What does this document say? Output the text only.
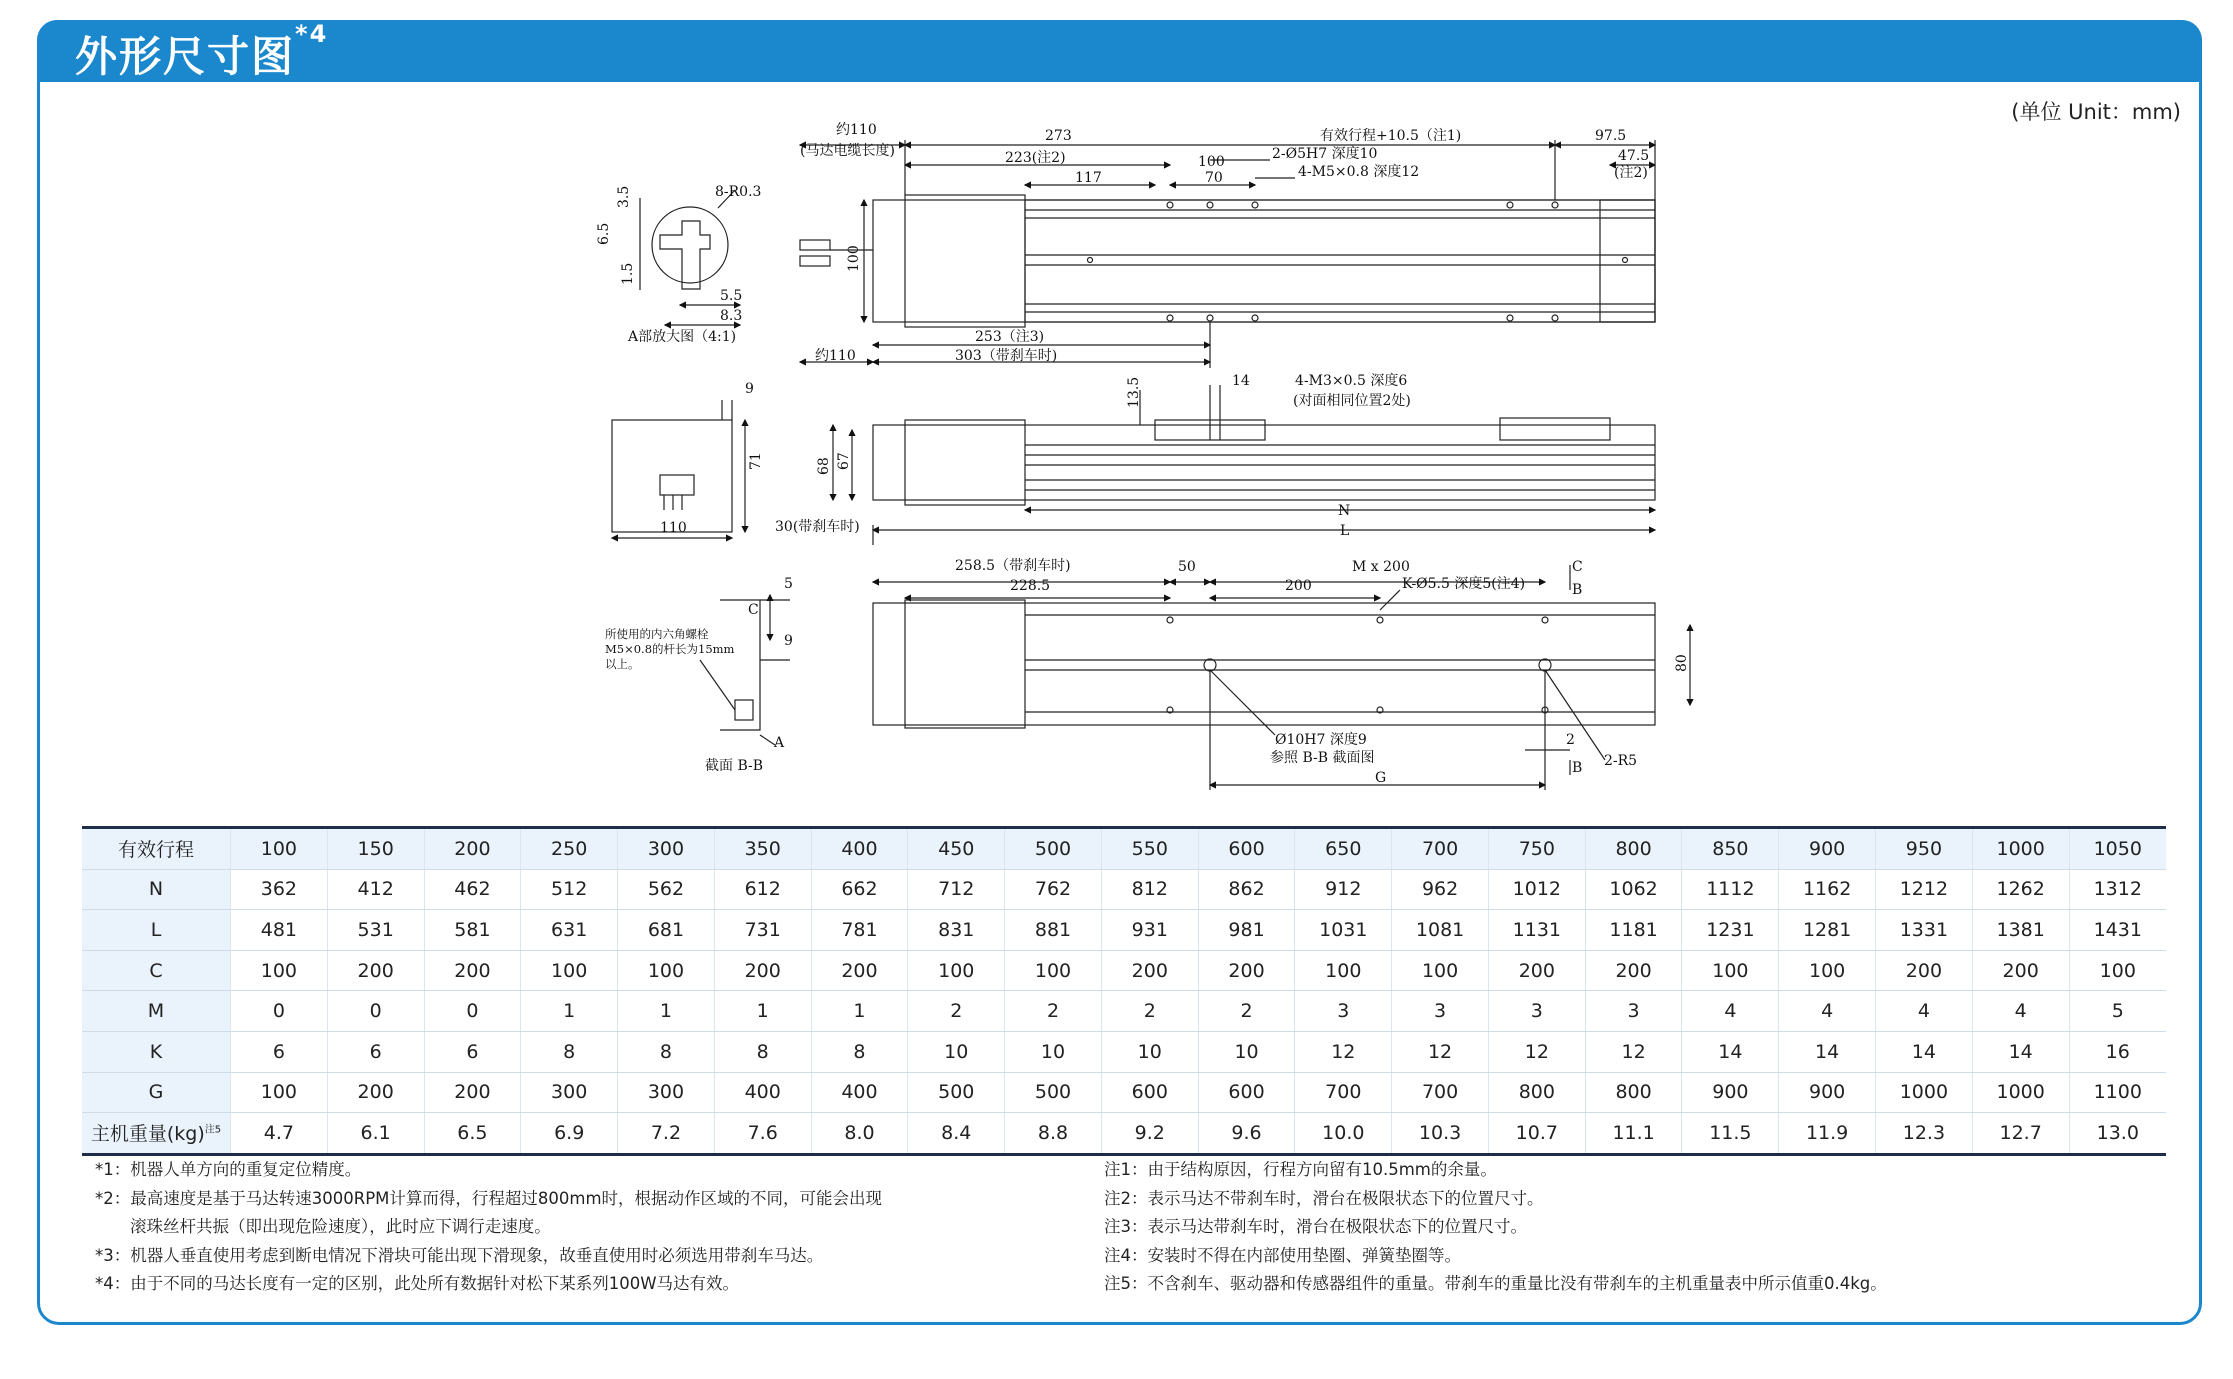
外形尺寸图$^{*4}$
(单位 Unit：mm)
8-R0.3
3.5
6.5
1.5
5.5
8.3
A部放大图（4:1)
约110
(马达电缆长度)
273	有效行程+10.5（注1)	97.5
223(注2)	100	2-Ø5H7 深度10	47.5
(注2)
117	70	4-M5×0.8 深度12
100
253（注3)
约110	303（带刹车时)
9
71
110
13.5	14	4-M3×0.5 深度6
(对面相同位置2处)
68 67
N
L
30(带刹车时)
5
C
9
所使用的内六角螺栓
M5×0.8的杆长为15mm
以上。
A
截面 B-B
258.5（带刹车时)	50	M x 200	C
228.5	200	K-Ø5.5 深度5(注4)	B
80
Ø10H7 深度9
参照 B-B 截面图
2
2-R5
B
G
有效行程	100	150	200	250	300	350	400	450	500	550	600	650	700	750	800	850	900	950	1000	1050
N	362	412	462	512	562	612	662	712	762	812	862	912	962	1012	1062	1112	1162	1212	1262	1312
L	481	531	581	631	681	731	781	831	881	931	981	1031	1081	1131	1181	1231	1281	1331	1381	1431
C	100	200	200	100	100	200	200	100	100	200	200	100	100	200	200	100	100	200	200	100
M	0	0	0	1	1	1	1	2	2	2	2	3	3	3	3	4	4	4	4	5
K	6	6	6	8	8	8	8	10	10	10	10	12	12	12	12	14	14	14	14	16
G	100	200	200	300	300	400	400	500	500	600	600	700	700	800	800	900	900	1000	1000	1100
主机重量(kg)$^{注5}$	4.7	6.1	6.5	6.9	7.2	7.6	8.0	8.4	8.8	9.2	9.6	10.0	10.3	10.7	11.1	11.5	11.9	12.3	12.7	13.0
*1：机器人单方向的重复定位精度。
*2：最高速度是基于马达转速3000RPM计算而得，行程超过800mm时，根据动作区域的不同，可能会出现
滚珠丝杆共振（即出现危险速度），此时应下调行走速度。
*3：机器人垂直使用考虑到断电情况下滑块可能出现下滑现象，故垂直使用时必须选用带刹车马达。
*4：由于不同的马达长度有一定的区别，此处所有数据针对松下某系列100W马达有效。
注1：由于结构原因，行程方向留有10.5mm的余量。
注2：表示马达不带刹车时，滑台在极限状态下的位置尺寸。
注3：表示马达带刹车时，滑台在极限状态下的位置尺寸。
注4：安装时不得在内部使用垫圈、弹簧垫圈等。
注5：不含刹车、驱动器和传感器组件的重量。带刹车的重量比没有带刹车的主机重量表中所示值重0.4kg。
